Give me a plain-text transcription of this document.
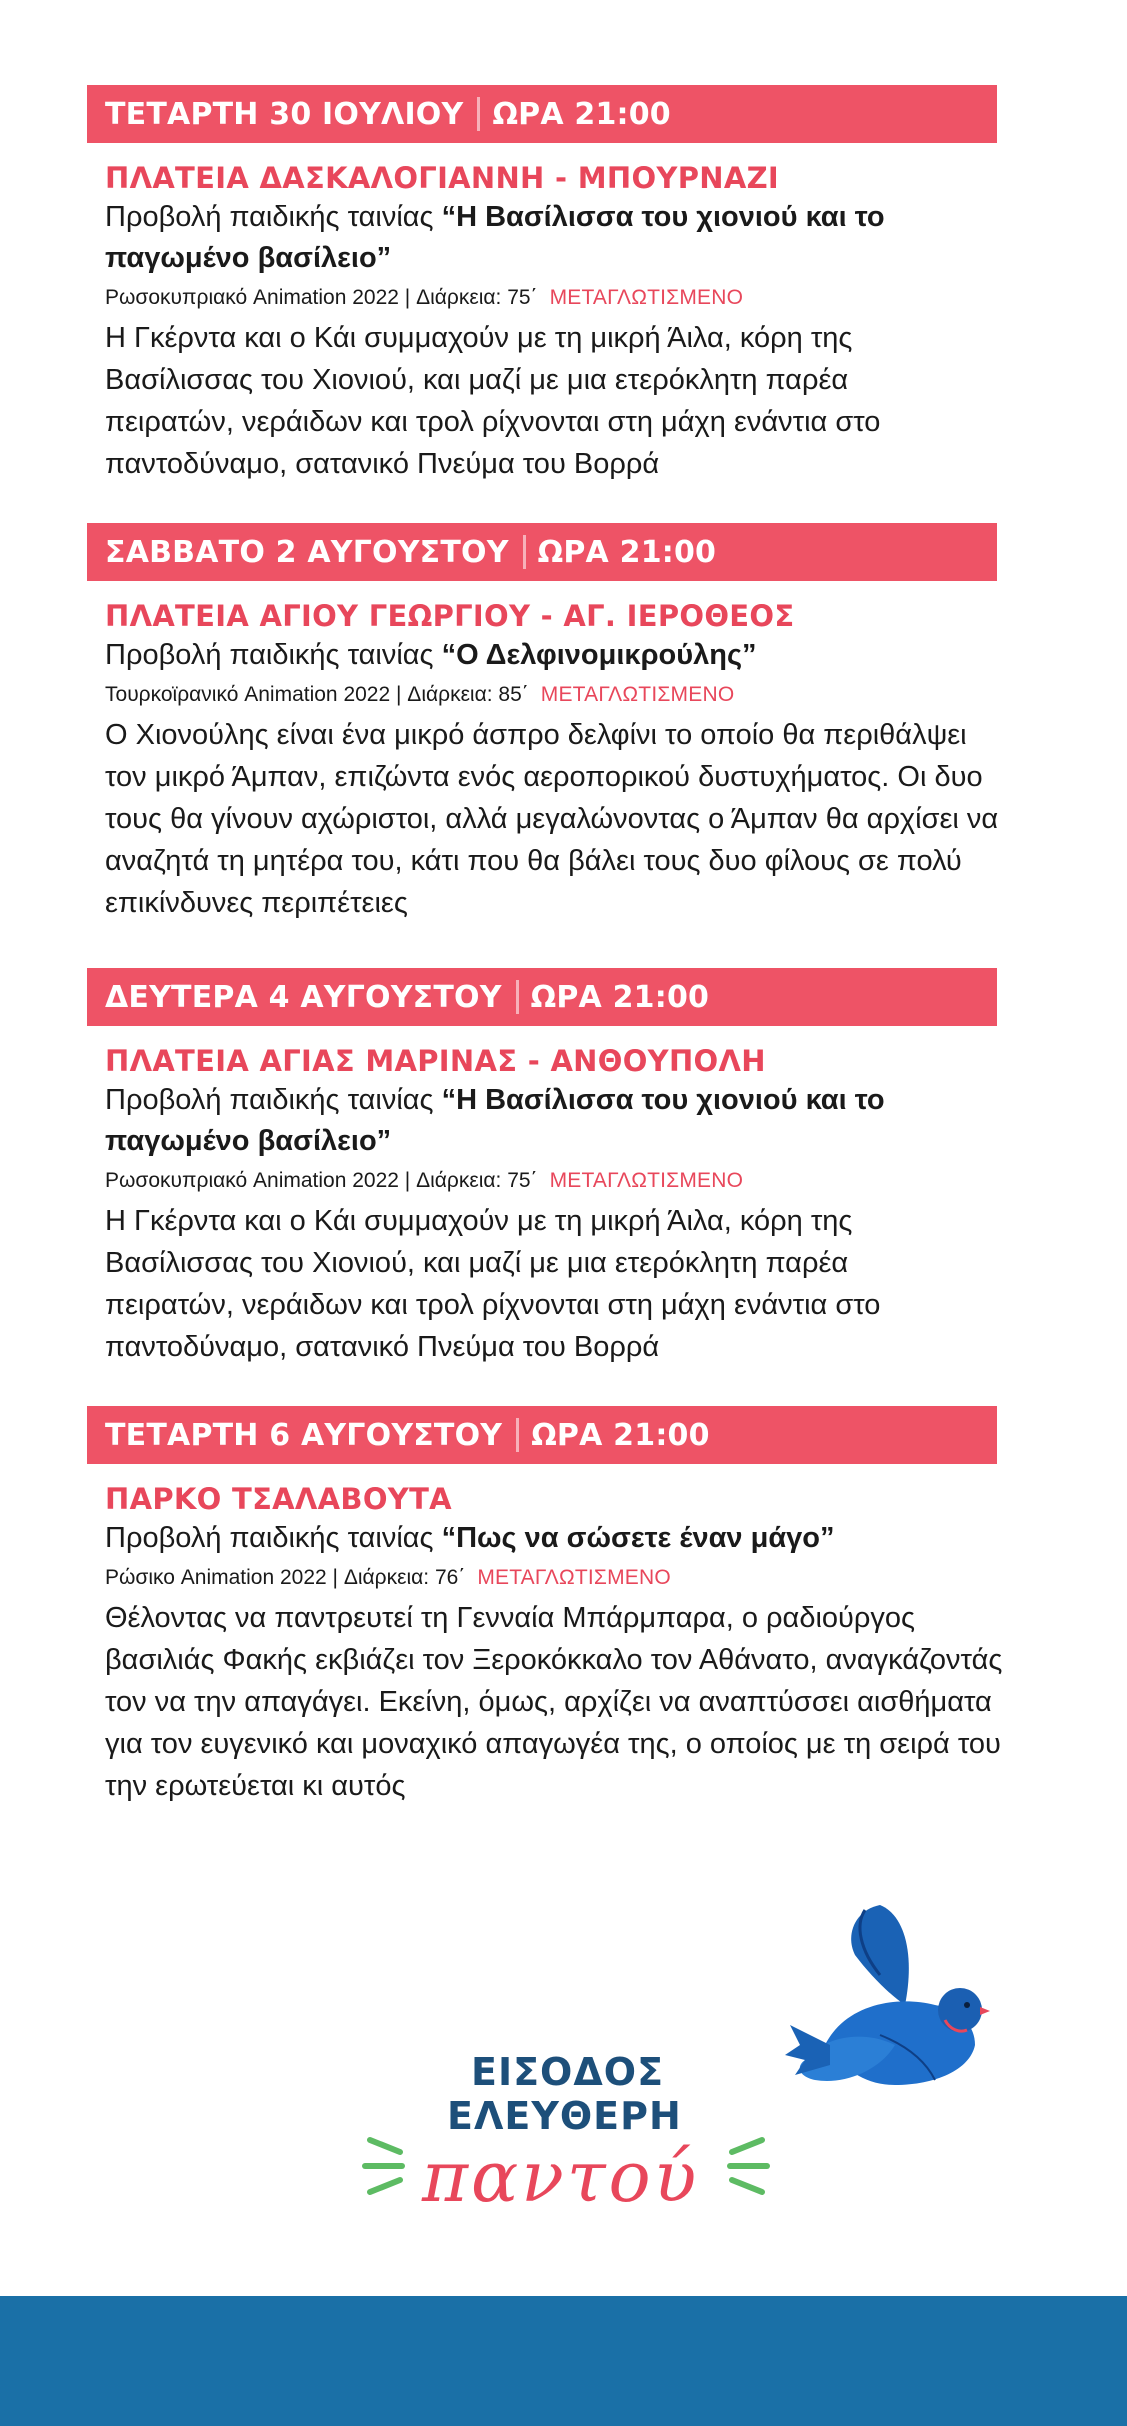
ΤΕΤΑΡΤΗ 30 ΙΟΥΛΙΟΥ ΩΡΑ 21:00
ΠΛΑΤΕΙΑ ΔΑΣΚΑΛΟΓΙΑΝΝΗ - ΜΠΟΥΡΝΑΖΙ
Προβολή παιδικής ταινίας “Η Βασίλισσα του χιονιού και το παγωμένο βασίλειο”
Ρωσοκυπριακό Animation 2022 | Διάρκεια: 75΄ ΜΕΤΑΓΛΩΤΙΣΜΕΝΟ
Η Γκέρντα και ο Κάι συμμαχούν με τη μικρή Άιλα, κόρη της Βασίλισσας του Χιονιού, και μαζί με μια ετερόκλητη παρέα πειρατών, νεράιδων και τρολ ρίχνονται στη μάχη ενάντια στο παντοδύναμο, σατανικό Πνεύμα του Βορρά
ΣΑΒΒΑΤΟ 2 ΑΥΓΟΥΣΤΟΥ ΩΡΑ 21:00
ΠΛΑΤΕΙΑ ΑΓΙΟΥ ΓΕΩΡΓΙΟΥ - ΑΓ. ΙΕΡΟΘΕΟΣ
Προβολή παιδικής ταινίας “Ο Δελφινομικρούλης”
Τουρκοϊρανικό Animation 2022 | Διάρκεια: 85΄ ΜΕΤΑΓΛΩΤΙΣΜΕΝΟ
Ο Χιονούλης είναι ένα μικρό άσπρο δελφίνι το οποίο θα περιθάλψει τον μικρό Άμπαν, επιζώντα ενός αεροπορικού δυστυχήματος. Οι δυο τους θα γίνουν αχώριστοι, αλλά μεγαλώνοντας ο Άμπαν θα αρχίσει να αναζητά τη μητέρα του, κάτι που θα βάλει τους δυο φίλους σε πολύ επικίνδυνες περιπέτειες
ΔΕΥΤΕΡΑ 4 ΑΥΓΟΥΣΤΟΥ ΩΡΑ 21:00
ΠΛΑΤΕΙΑ ΑΓΙΑΣ ΜΑΡΙΝΑΣ - ΑΝΘΟΥΠΟΛΗ
Προβολή παιδικής ταινίας “Η Βασίλισσα του χιονιού και το παγωμένο βασίλειο”
Ρωσοκυπριακό Animation 2022 | Διάρκεια: 75΄ ΜΕΤΑΓΛΩΤΙΣΜΕΝΟ
Η Γκέρντα και ο Κάι συμμαχούν με τη μικρή Άιλα, κόρη της Βασίλισσας του Χιονιού, και μαζί με μια ετερόκλητη παρέα πειρατών, νεράιδων και τρολ ρίχνονται στη μάχη ενάντια στο παντοδύναμο, σατανικό Πνεύμα του Βορρά
ΤΕΤΑΡΤΗ 6 ΑΥΓΟΥΣΤΟΥ ΩΡΑ 21:00
ΠΑΡΚΟ ΤΣΑΛΑΒΟΥΤΑ
Προβολή παιδικής ταινίας “Πως να σώσετε έναν μάγο”
Ρώσικο Animation 2022 | Διάρκεια: 76΄ ΜΕΤΑΓΛΩΤΙΣΜΕΝΟ
Θέλοντας να παντρευτεί τη Γενναία Μπάρμπαρα, ο ραδιούργος βασιλιάς Φακής εκβιάζει τον Ξεροκόκκαλο τον Αθάνατο, αναγκάζοντάς τον να την απαγάγει. Εκείνη, όμως, αρχίζει να αναπτύσσει αισθήματα για τον ευγενικό και μοναχικό απαγωγέα της, ο οποίος με τη σειρά του την ερωτεύεται κι αυτός
ΕΙΣΟΔΟΣ
ΕΛΕΥΘΕΡΗ
παντού
